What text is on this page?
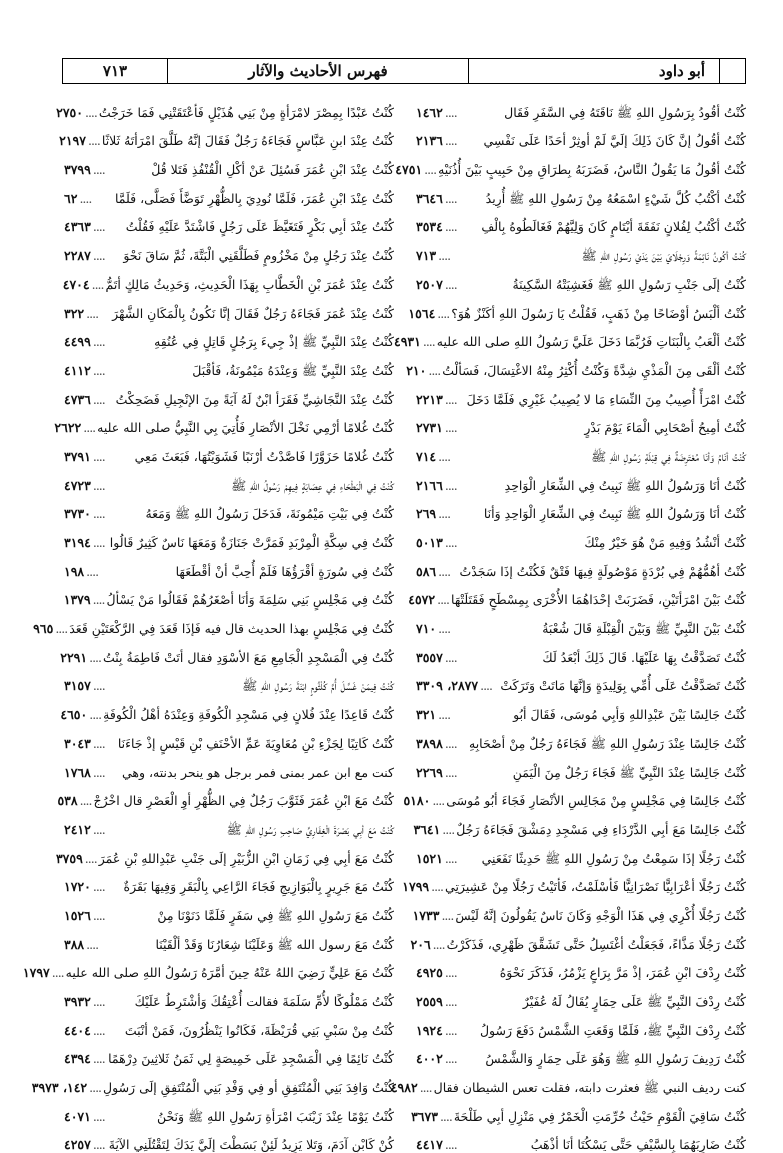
أبو داود
فهرس الأحاديث والآثار
٧١٣
كُنْتُ أقُودُ بِرَسُولِ اللهِ ﷺ نَاقَتَهُ فِي السَّفَرِ فَقَال
....
١٤٦٢
كُنْتُ أقُولُ إنَّ كَانَ ذَلِكَ إلَيَّ لَمْ أوثِرْ أحَدًا عَلَى نَفْسِي
....
٢١٣٦
كُنْتُ أقُولُ مَا يَقُولُ النَّاسُ، فَضَرَبَهُ بِطرَاقِ مِنْ حَبِيبٍ بَيْنَ أُذُنَيْهِ
....
٤٧٥١
كُنْتُ أكْتُبُ كُلَّ شَيْءٍ اسْمَعُهُ مِنْ رَسُولِ اللهِ ﷺ أُرِيدُ
....
٣٦٤٦
كُنْتُ أكْتُبُ لِفُلانٍ نَفَقَةَ أيْتَامٍ كَانَ وَلِيَّهُمْ فَغَالَطُوهُ بِالْفِ
....
٣٥٣٤
كُنْتُ أكُونُ نَائِمَةً وَرِجْلَايَ بَيْنَ يَدَيْ رَسُولِ اللهِ ﷺ
....
٧١٣
كُنْتُ إلَى جَنْبِ رَسُولِ اللهِ ﷺ فَغَشِيَتْهُ السَّكِينَةُ
....
٢٥٠٧
كُنْتُ ألْبَسُ أوْضَاحًا مِنْ ذَهَبٍ، فَقُلْتُ يَا رَسُولَ اللهِ أكَنْزٌ هُوَ؟
....
١٥٦٤
كُنْتُ ألْعَبُ بِالْبَنَاتِ فَرُبَّمَا دَخَلَ عَلَيَّ رَسُولُ اللهِ صلى الله عليه
....
٤٩٣١
كُنْتُ ألْقَى مِنَ الْمَذْيِ شِدَّةً وَكُنْتُ أُكْثِرُ مِنْهُ الاغْتِسَالَ، فَسَألْتُ
....
٢١٠
كُنْتُ امْرَأً أُصِيبُ مِنَ النِّسَاءِ مَا لا يُصِيبُ غَيْرِي فَلَمَّا دَخَلَ
....
٢٢١٣
كُنْتُ أمِيحُ أصْحَابِي الْمَاءَ يَوْمَ بَدْرٍ
....
٢٧٣١
كُنْتُ أنَامُ وَأنَا مُعْتَرِضَةٌ فِي قِبْلَةِ رَسُولِ اللهِ ﷺ
....
٧١٤
كُنْتُ أنَا وَرَسُولُ اللهِ ﷺ نَبِيتُ فِي الشِّعَارِ الْوَاحِدِ
....
٢١٦٦
كُنْتُ أنَا وَرَسُولُ اللهِ ﷺ نَبِيتُ فِي الشِّعَارِ الْوَاحِدِ وَأنَا
....
٢٦٩
كُنْتُ أنْشُدُ وَفِيهِ مَنْ هُوَ خَيْرٌ مِنْكَ
....
٥٠١٣
كُنْتُ أهُمُّهُمْ فِي بُرْدَةٍ مَوْصُولَةٍ فِيهَا فَتْقٌ فَكُنْتُ إذَا سَجَدْتُ
....
٥٨٦
كُنْتُ بَيْنَ امْرَأتَيْنِ، فَضَرَبَتْ إحْدَاهُمَا الأُخْرَى بِمِسْطَحٍ فَقَتَلَتْهَا
....
٤٥٧٢
كُنْتُ بَيْنَ النَّبِيِّ ﷺ وَبَيْنَ الْقِبْلَةِ قَالَ شُعْبَةُ
....
٧١٠
كُنْتُ تَصَدَّقْتُ بِهَا عَلَيْهَا. قَالَ ذَلِكَ أبْعَدُ لَكَ
....
٣٥٥٧
كُنْتُ تَصَدَّقْتُ عَلَى أُمِّي بِوَلِيدَةٍ وَإنَّهَا مَاتَتْ وَتَرَكَتْ
....
٢٨٧٧، ٣٣٠٩
كُنْتُ جَالِسًا بَيْنَ عَبْدِاللهِ وَأبِي مُوسَى، فَقَالَ أبُو
....
٣٢١
كُنْتُ جَالِسًا عِنْدَ رَسُولِ اللهِ ﷺ فَجَاءَهُ رَجُلٌ مِنْ أصْحَابِهِ
....
٣٨٩٨
كُنْتُ جَالِسًا عِنْدَ النَّبِيِّ ﷺ فَجَاءَ رَجُلٌ مِنَ الْيَمَنِ
....
٢٢٦٩
كُنْتُ جَالِسًا فِي مَجْلِسٍ مِنْ مَجَالِسِ الأنْصَارِ فَجَاءَ أبُو مُوسَى
....
٥١٨٠
كُنْتُ جَالِسًا مَعَ أبِي الدَّرْدَاءِ فِي مَسْجِدِ دِمَشْقَ فَجَاءَهُ رَجُلٌ
....
٣٦٤١
كُنْتُ رَجُلًا إذَا سَمِعْتُ مِنْ رَسُولِ اللهِ ﷺ حَدِيثًا نَفَعَنِي
....
١٥٢١
كُنْتُ رَجُلًا أعْرَابِيًّا نَصْرَانِيًّا فَأسْلَمْتُ، فَأتَيْتُ رَجُلًا مِنْ عَشِيرَتِي
....
١٧٩٩
كُنْتُ رَجُلًا أُكْرِي فِي هَذَا الْوَجْهِ وَكَانَ نَاسٌ يَقُولُونَ إنَّهُ لَيْسَ
....
١٧٣٣
كُنْتُ رَجُلًا مَذَّاءً، فَجَعَلْتُ أغْتَسِلُ حَتَّى تَشَقَّقَ ظَهْرِي، فَذَكَرْتُ
....
٢٠٦
كُنْتُ رِدْفَ ابْنِ عُمَرَ، إذْ مَرَّ بِرَاعٍ يَزْمُرُ، فَذَكَرَ نَحْوَهُ
....
٤٩٢٥
كُنْتُ رِدْفَ النَّبِيِّ ﷺ عَلَى حِمَارٍ يُقَالُ لَهُ عُفَيْرٌ
....
٢٥٥٩
كُنْتُ رِدْفَ النَّبِيِّ ﷺ، فَلَمَّا وَقَعَتِ الشَّمْسُ دَفَعَ رَسُولُ
....
١٩٢٤
كُنْتُ رَدِيفَ رَسُولِ اللهِ ﷺ وَهُوَ عَلَى حِمَارٍ وَالشَّمْسُ
....
٤٠٠٢
كنت رديف النبي ﷺ فعثرت دابته، فقلت تعس الشيطان فقال
....
٤٩٨٢
كُنْتُ سَاقِيَ الْقَوْمِ حَيْثُ حُرِّمَتِ الْخَمْرُ فِي مَنْزِلِ أبِي طَلْحَةَ
....
٣٦٧٣
كُنْتُ ضَارِبَهُمَا بِالسَّيْفِ حَتَّى يَسْكُتَا أنَا أذْهَبُ
....
٤٤١٧
كُنْتُ عَبْدًا بِمِصْرَ لامْرَأةٍ مِنْ بَنِي هُذَيْلٍ فَأعْتَقَتْنِي فَمَا خَرَجْتُ
....
٢٧٥٠
كُنْتُ عِنْدَ ابنِ عَبَّاسٍ فَجَاءَهُ رَجُلٌ فَقَالَ إنَّهُ طَلَّقَ امْرَأتَهُ ثَلاثًا
....
٢١٩٧
كُنْتُ عِنْدَ ابْنِ عُمَرَ فَسُئِلَ عَنْ أكْلِ الْقُنْفُذِ فَتَلا قُلْ
....
٣٧٩٩
كُنْتُ عِنْدَ ابْنِ عُمَرَ، فَلَمَّا نُودِيَ بِالظُّهْرِ تَوَضَّأَ فَصَلَّى، فَلَمَّا
....
٦٢
كُنْتُ عِنْدَ أبِي بَكْرٍ فَتَغَيَّظَ عَلَى رَجُلٍ فَاشْتَدَّ عَلَيْهِ فَقُلْتُ
....
٤٣٦٣
كُنْتُ عِنْدَ رَجُلٍ مِنْ مَخْزُومٍ فَطَلَّقَنِي الْبَتَّةَ، ثُمَّ سَاقَ نَحْوَ
....
٢٢٨٧
كُنْتُ عِنْدَ عُمَرَ بْنِ الْخَطَّابِ بِهَذَا الْحَدِيثِ، وَحَدِيثُ مَالِكٍ أتَمُّ
....
٤٧٠٤
كُنْتُ عِنْدَ عُمَرَ فَجَاءَهُ رَجُلٌ فَقَالَ إنَّا نَكُونُ بِالْمَكَانِ الشَّهْرَ
....
٣٢٢
كُنْتُ عِنْدَ النَّبِيِّ ﷺ إذْ جِيءَ بِرَجُلٍ قَاتِلٍ فِي عُنُقِهِ
....
٤٤٩٩
كُنْتُ عِنْدَ النَّبِيِّ ﷺ وَعِنْدَهُ مَيْمُونَةُ، فَأقْبَلَ
....
٤١١٢
كُنْتُ عِنْدَ النَّجَاشِيِّ فَقَرَأ ابْنٌ لَهُ آيَةً مِنَ الإنْجِيلِ فَضَحِكْتُ
....
٤٧٣٦
كُنْتُ غُلامًا أرْمِي نَخْلَ الأنْصَارِ فَأُتِيَ بِي النَّبِيُّ صلى الله عليه
....
٢٦٢٢
كُنْتُ غُلامًا حَزَوَّرًا فَاصَّدْتُ أرْنَبًا فَشَوَيْتُهَا، فَبَعَثَ مَعِي
....
٣٧٩١
كُنْتُ فِي الْبَطْحَاءِ فِي عِصَابَةٍ فِيهِمْ رَسُولُ اللهِ ﷺ
....
٤٧٢٣
كُنْتُ فِي بَيْتِ مَيْمُونَةَ، فَدَخَلَ رَسُولُ اللهِ ﷺ وَمَعَهُ
....
٣٧٣٠
كُنْتُ فِي سِكَّةِ الْمِرْبَدِ فَمَرَّتْ جَنَازَةٌ وَمَعَهَا نَاسٌ كَثِيرٌ قَالُوا
....
٣١٩٤
كُنْتُ فِي سُورَةٍ أقْرَؤُهَا فَلَمْ أُحِبَّ أنْ أقْطَعَهَا
....
١٩٨
كُنْتُ فِي مَجْلِسٍ بَنِي سَلِمَةَ وَأنَا أصْغَرُهُمْ فَقَالُوا مَنْ يَسْألُ
....
١٣٧٩
كُنْتُ فِي مَجْلِسٍ بهذا الحديث قال فيه فَإذَا قَعَدَ فِي الرَّكْعَتَيْنِ قَعَدَ
....
٩٦٥
كُنْتُ فِي الْمَسْجِدِ الْجَامِعِ مَعَ الأسْوَدِ فقال أتَتْ فَاطِمَةُ بِنْتُ
....
٢٢٩١
كُنْتُ فِيمَنْ غَسَّلَ أُمَّ كُلْثُومٍ ابْنَةَ رَسُولِ اللهِ ﷺ
....
٣١٥٧
كُنْتُ قَاعِدًا عِنْدَ فُلانٍ فِي مَسْجِدِ الْكُوفَةِ وَعِنْدَهُ أهْلُ الْكُوفَةِ
....
٤٦٥٠
كُنْتُ كَاتِبًا لِجَزْءِ بْنِ مُعَاوِيَةَ عَمِّ الأحْنَفِ بْنِ قَيْسٍ إذْ جَاءَنَا
....
٣٠٤٣
كنت مع ابن عمر بمنى فمر برجل هو ينحر بدنته، وهي
....
١٧٦٨
كُنْتُ مَعَ ابْنِ عُمَرَ فَثَوَّبَ رَجُلٌ فِي الظُّهْرِ أوِ الْعَصْرِ قال اخْرُجْ
....
٥٣٨
كُنْتُ مَعَ أبِي بَصْرَةَ الْغِفَارِيِّ صَاحِبِ رَسُولِ اللهِ ﷺ
....
٢٤١٢
كُنْتُ مَعَ أبِي فِي زَمَانِ ابْنِ الزُّبَيْرِ إلَى جَنْبِ عَبْدِاللهِ بْنِ عُمَرَ
....
٣٧٥٩
كُنْتُ مَعَ جَرِيرٍ بِالْبَوَازِيجِ فَجَاءَ الرَّاعِي بِالْبَقَرِ وَفِيهَا بَقَرَةٌ
....
١٧٢٠
كُنْتُ مَعَ رَسُولِ اللهِ ﷺ فِي سَفَرٍ فَلَمَّا دَنَوْنَا مِنْ
....
١٥٢٦
كُنْتُ مَعَ رسول الله ﷺ وَعَلَيْنَا شِعَارُنَا وَقَدْ ألْقَيْنَا
....
٣٨٨
كُنْتُ مَعَ عَلِيٍّ رَضِيَ اللهُ عَنْهُ حِينَ أمَّرَهُ رَسُولُ اللهِ صلى الله عليه
....
١٧٩٧
كُنْتُ مَمْلُوكًا لأُمِّ سَلَمَةَ فقالت أُعْتِقُكَ وَأشْتَرِطُ عَلَيْكَ
....
٣٩٣٢
كُنْتُ مِنْ سَبْيِ بَنِي قُرَيْظَةَ، فَكَانُوا يَنْظُرُونَ، فَمَنْ أنْبَتَ
....
٤٤٠٤
كُنْتُ نَائِمًا فِي الْمَسْجِدِ عَلَى خَمِيصَةٍ لِي ثَمَنُ ثَلاثِينَ دِرْهَمًا
....
٤٣٩٤
كُنْتُ وَافِدَ بَنِي الْمُنْتَفِقِ أو فِي وَفْدِ بَنِي الْمُنْتَفِقِ إلَى رَسُولِ
....
١٤٢، ٣٩٧٣
كُنْتُ يَوْمًا عِنْدَ زَيْنَبَ امْرَأةِ رَسُولِ اللهِ ﷺ وَنَحْنُ
....
٤٠٧١
كُنْ كَابْنِ آدَمَ، وَتَلا يَزِيدُ لَئِنْ بَسَطْتَ إلَيَّ يَدَكَ لِتَقْتُلَنِي الآيَةَ
....
٤٢٥٧
